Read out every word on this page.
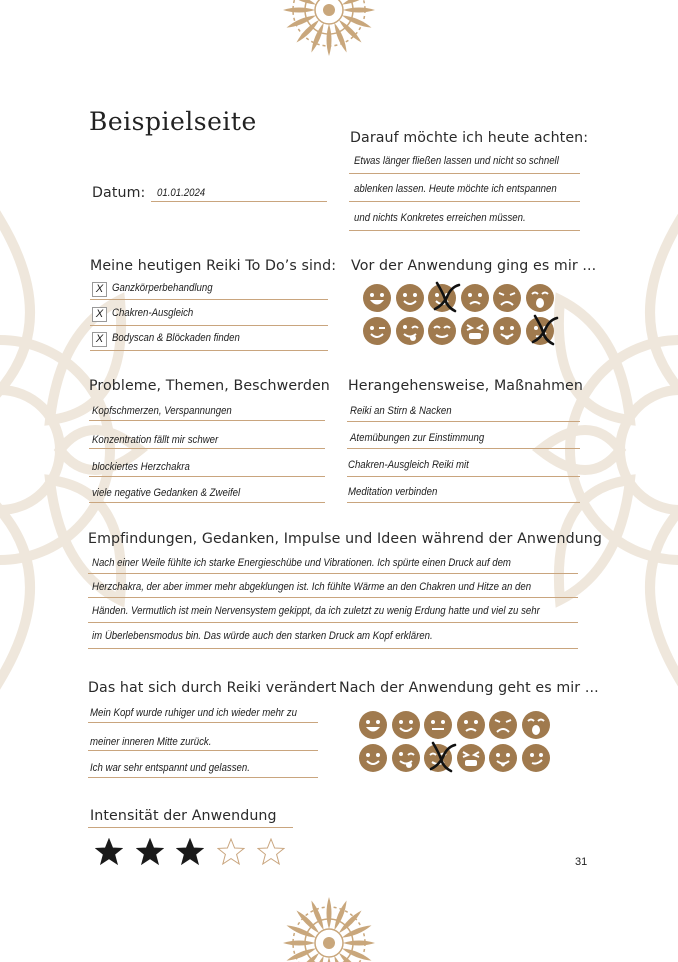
Beispielseite
Datum: 01.01.2024
Darauf möchte ich heute achten:
Etwas länger fließen lassen und nicht so schnell
ablenken lassen. Heute möchte ich entspannen
und nichts Konkretes erreichen müssen.
Meine heutigen Reiki To Do’s sind:
X Ganzkörperbehandlung
X Chakren-Ausgleich
X Bodyscan & Blöckaden finden
Vor der Anwendung ging es mir ...
Probleme, Themen, Beschwerden
Kopfschmerzen, Verspannungen
Konzentration fällt mir schwer
blockiertes Herzchakra
viele negative Gedanken & Zweifel
Herangehensweise, Maßnahmen
Reiki an Stirn & Nacken
Atemübungen zur Einstimmung
Chakren-Ausgleich Reiki mit
Meditation verbinden
Empfindungen, Gedanken, Impulse und Ideen während der Anwendung
Nach einer Weile fühlte ich starke Energieschübe und Vibrationen. Ich spürte einen Druck auf dem
Herzchakra, der aber immer mehr abgeklungen ist. Ich fühlte Wärme an den Chakren und Hitze an den
Händen. Vermutlich ist mein Nervensystem gekippt, da ich zuletzt zu wenig Erdung hatte und viel zu sehr
im Überlebensmodus bin. Das würde auch den starken Druck am Kopf erklären.
Das hat sich durch Reiki verändert
Mein Kopf wurde ruhiger und ich wieder mehr zu
meiner inneren Mitte zurück.
Ich war sehr entspannt und gelassen.
Nach der Anwendung geht es mir ...
Intensität der Anwendung
31
